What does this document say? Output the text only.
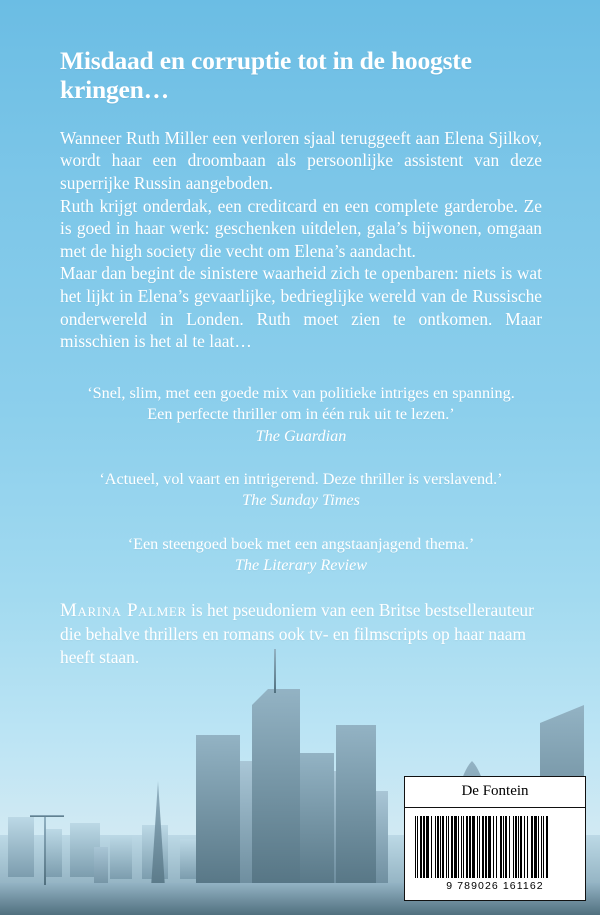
Misdaad en corruptie tot in de hoogste kringen…

Wanneer Ruth Miller een verloren sjaal teruggeeft aan Elena Sjilkov, wordt haar een droombaan als persoonlijke assistent van deze superrijke Russin aangeboden.

Ruth krijgt onderdak, een creditcard en een complete garderobe. Ze is goed in haar werk: geschenken uitdelen, gala’s bijwonen, omgaan met de high society die vecht om Elena’s aandacht.

Maar dan begint de sinistere waarheid zich te openbaren: niets is wat het lijkt in Elena’s gevaarlijke, bedrieglijke wereld van de Russische onderwereld in Londen. Ruth moet zien te ontkomen. Maar misschien is het al te laat…

‘Snel, slim, met een goede mix van politieke intriges en spanning. Een perfecte thriller om in één ruk uit te lezen.’
The Guardian
‘Actueel, vol vaart en intrigerend. Deze thriller is verslavend.’
The Sunday Times
‘Een steengoed boek met een angstaanjagend thema.’
The Literary Review

Marina Palmer is het pseudoniem van een Britse bestsellerauteur die behalve thrillers en romans ook tv- en filmscripts op haar naam heeft staan.

De Fontein
9 789026 161162
